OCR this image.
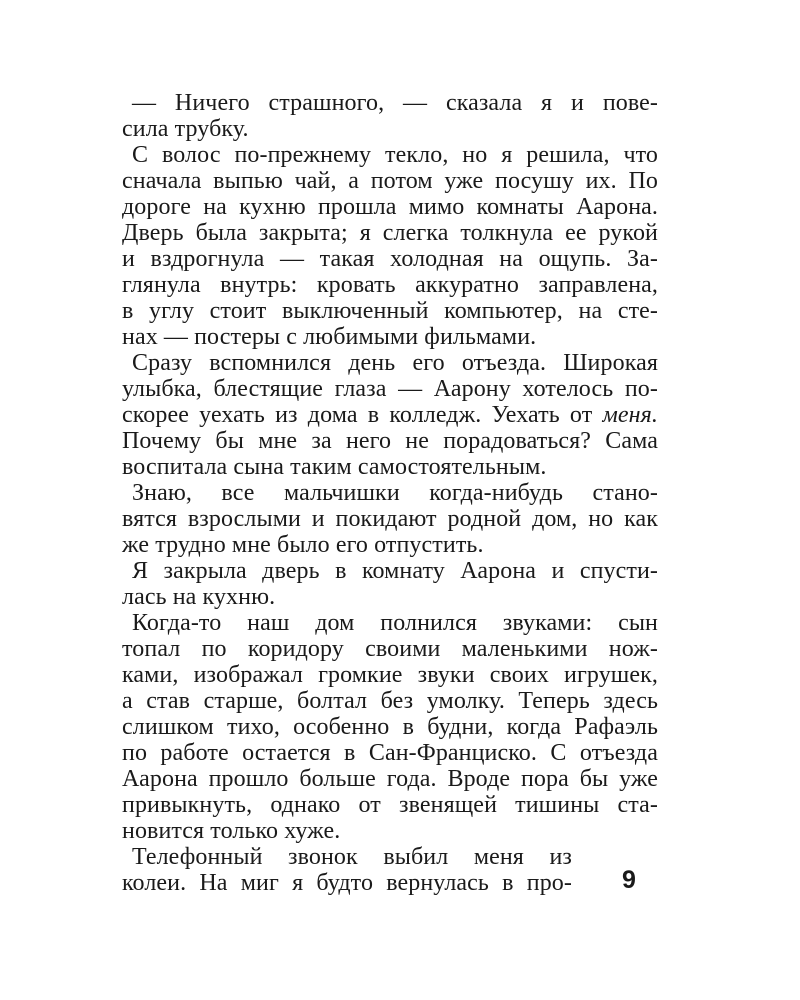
— Ничего страшного, — сказала я и пове-
сила трубку.
С волос по-прежнему текло, но я решила, что
сначала выпью чай, а потом уже посушу их. По
дороге на кухню прошла мимо комнаты Аарона.
Дверь была закрыта; я слегка толкнула ее рукой
и вздрогнула — такая холодная на ощупь. За-
глянула внутрь: кровать аккуратно заправлена,
в углу стоит выключенный компьютер, на сте-
нах — постеры с любимыми фильмами.
Сразу вспомнился день его отъезда. Широкая
улыбка, блестящие глаза — Аарону хотелось по-
скорее уехать из дома в колледж. Уехать от меня.
Почему бы мне за него не порадоваться? Сама
воспитала сына таким самостоятельным.
Знаю, все мальчишки когда-нибудь стано-
вятся взрослыми и покидают родной дом, но как
же трудно мне было его отпустить.
Я закрыла дверь в комнату Аарона и спусти-
лась на кухню.
Когда-то наш дом полнился звуками: сын
топал по коридору своими маленькими нож-
ками, изображал громкие звуки своих игрушек,
а став старше, болтал без умолку. Теперь здесь
слишком тихо, особенно в будни, когда Рафаэль
по работе остается в Сан-Франциско. С отъезда
Аарона прошло больше года. Вроде пора бы уже
привыкнуть, однако от звенящей тишины ста-
новится только хуже.
Телефонный звонок выбил меня из
колеи. На миг я будто вернулась в про- 9
